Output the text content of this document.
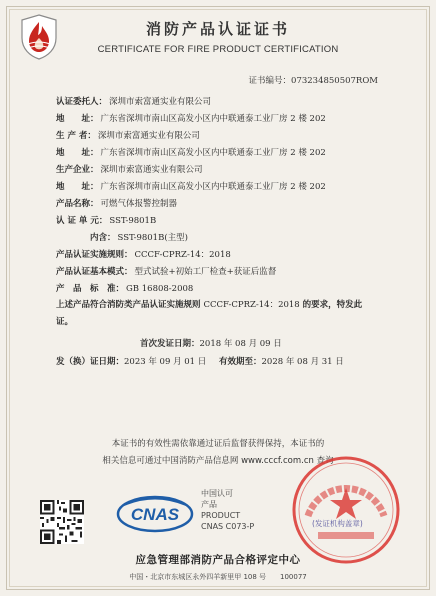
消防产品认证证书
CERTIFICATE FOR FIRE PRODUCT CERTIFICATION
证书编号：073234850507ROM
认证委托人： 深圳市索富通实业有限公司
地　　址： 广东省深圳市南山区高发小区内中联通泰工业厂房 2 楼 202
生 产 者： 深圳市索富通实业有限公司
地　　址： 广东省深圳市南山区高发小区内中联通泰工业厂房 2 楼 202
生产企业： 深圳市索富通实业有限公司
地　　址： 广东省深圳市南山区高发小区内中联通泰工业厂房 2 楼 202
产品名称： 可燃气体报警控制器
认 证 单 元： SST-9801B
内含： SST-9801B(主型)
产品认证实施规则： CCCF-CPRZ-14：2018
产品认证基本模式： 型式试验+初始工厂检查+获证后监督
产　品　标　准： GB 16808-2008
上述产品符合消防类产品认证实施规则 CCCF-CPRZ-14：2018 的要求，特发此证。
首次发证日期：2018 年 08 月 09 日
发（换）证日期：2023 年 09 月 01 日 有效期至：2028 年 08 月 31 日
本证书的有效性需依靠通过证后监督获得保持，本证书的
相关信息可通过中国消防产品信息网 www.cccf.com.cn 查询
CNAS
中国认可
产品
PRODUCT
CNAS C073-P	(发证机构盖章)
应急管理部消防产品合格评定中心
中国・北京市东城区永外四羊新里甲 108 号　　100077
